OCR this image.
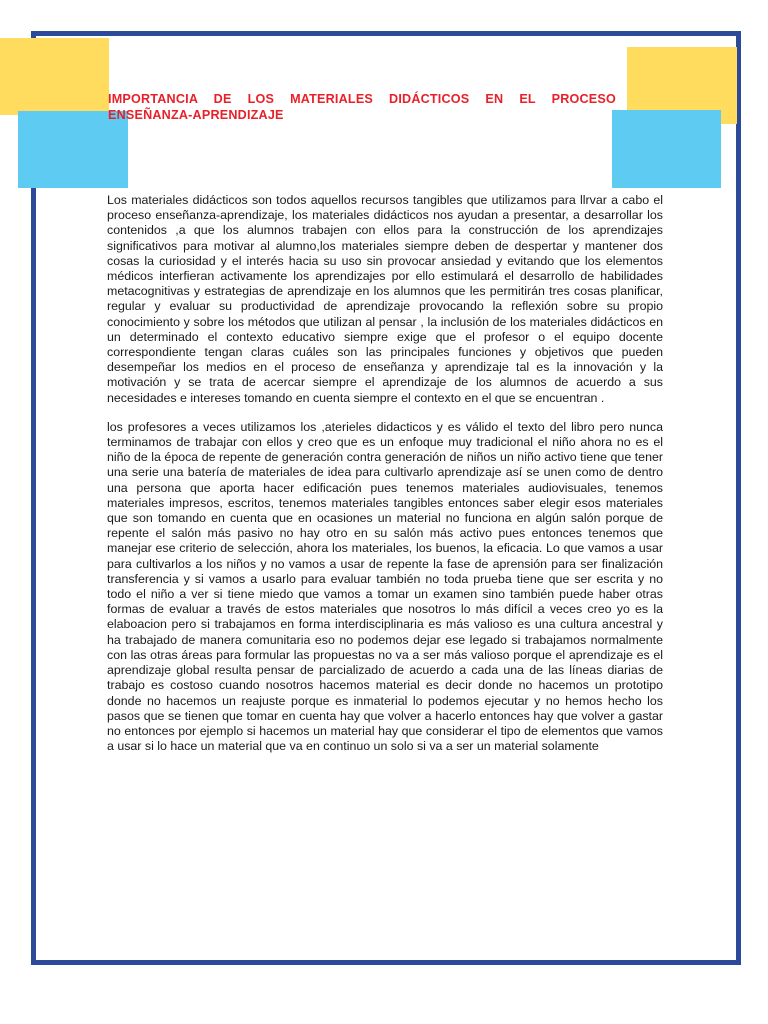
IMPORTANCIA DE LOS MATERIALES DIDÁCTICOS EN EL PROCESO
ENSEÑANZA-APRENDIZAJE

Los materiales didácticos son todos aquellos recursos tangibles que utilizamos para llrvar a cabo el proceso enseñanza-aprendizaje, los materiales didácticos nos ayudan a presentar, a desarrollar los contenidos ,a que los alumnos trabajen con ellos para la construcción de los aprendizajes significativos para motivar al alumno,los materiales siempre deben de despertar y mantener dos cosas la curiosidad y el interés hacia su uso sin provocar ansiedad y evitando que los elementos médicos interfieran activamente los aprendizajes por ello estimulará el desarrollo de habilidades metacognitivas y estrategias de aprendizaje en los alumnos que les permitirán tres cosas planificar, regular y evaluar su productividad de aprendizaje provocando la reflexión sobre su propio conocimiento y sobre los métodos que utilizan al pensar , la inclusión de los materiales didácticos en un determinado el contexto educativo siempre exige que el profesor o el equipo docente correspondiente tengan claras cuáles son las principales funciones y objetivos que pueden desempeñar los medios en el proceso de enseñanza y aprendizaje tal es la innovación y la motivación y se trata de acercar siempre el aprendizaje de los alumnos de acuerdo a sus necesidades e intereses tomando en cuenta siempre el contexto en el que se encuentran .

los profesores a veces utilizamos los ,aterieles didacticos y es válido el texto del libro pero nunca terminamos de trabajar con ellos y creo que es un enfoque muy tradicional el niño ahora no es el niño de la época de repente de generación contra generación de niños un niño activo tiene que tener una serie una batería de materiales de idea para cultivarlo aprendizaje así se unen como de dentro una persona que aporta hacer edificación pues tenemos materiales audiovisuales, tenemos materiales impresos, escritos, tenemos materiales tangibles entonces saber elegir esos materiales que son tomando en cuenta que en ocasiones un material no funciona en algún salón porque de repente el salón más pasivo no hay otro en su salón más activo pues entonces tenemos que manejar ese criterio de selección, ahora los materiales, los buenos, la eficacia. Lo que vamos a usar para cultivarlos a los niños y no vamos a usar de repente la fase de aprensión para ser finalización transferencia y si vamos a usarlo para evaluar también no toda prueba tiene que ser escrita y no todo el niño a ver si tiene miedo que vamos a tomar un examen sino también puede haber otras formas de evaluar a través de estos materiales que nosotros lo más difícil a veces creo yo es la elaboacion pero si trabajamos en forma interdisciplinaria es más valioso es una cultura ancestral y ha trabajado de manera comunitaria eso no podemos dejar ese legado si trabajamos normalmente con las otras áreas para formular las propuestas no va a ser más valioso porque el aprendizaje es el aprendizaje global resulta pensar de parcializado de acuerdo a cada una de las líneas diarias de trabajo es costoso cuando nosotros hacemos material es decir donde no hacemos un prototipo donde no hacemos un reajuste porque es inmaterial lo podemos ejecutar y no hemos hecho los pasos que se tienen que tomar en cuenta hay que volver a hacerlo entonces hay que volver a gastar no entonces por ejemplo si hacemos un material hay que considerar el tipo de elementos que vamos a usar si lo hace un material que va en continuo un solo si va a ser un material solamente
